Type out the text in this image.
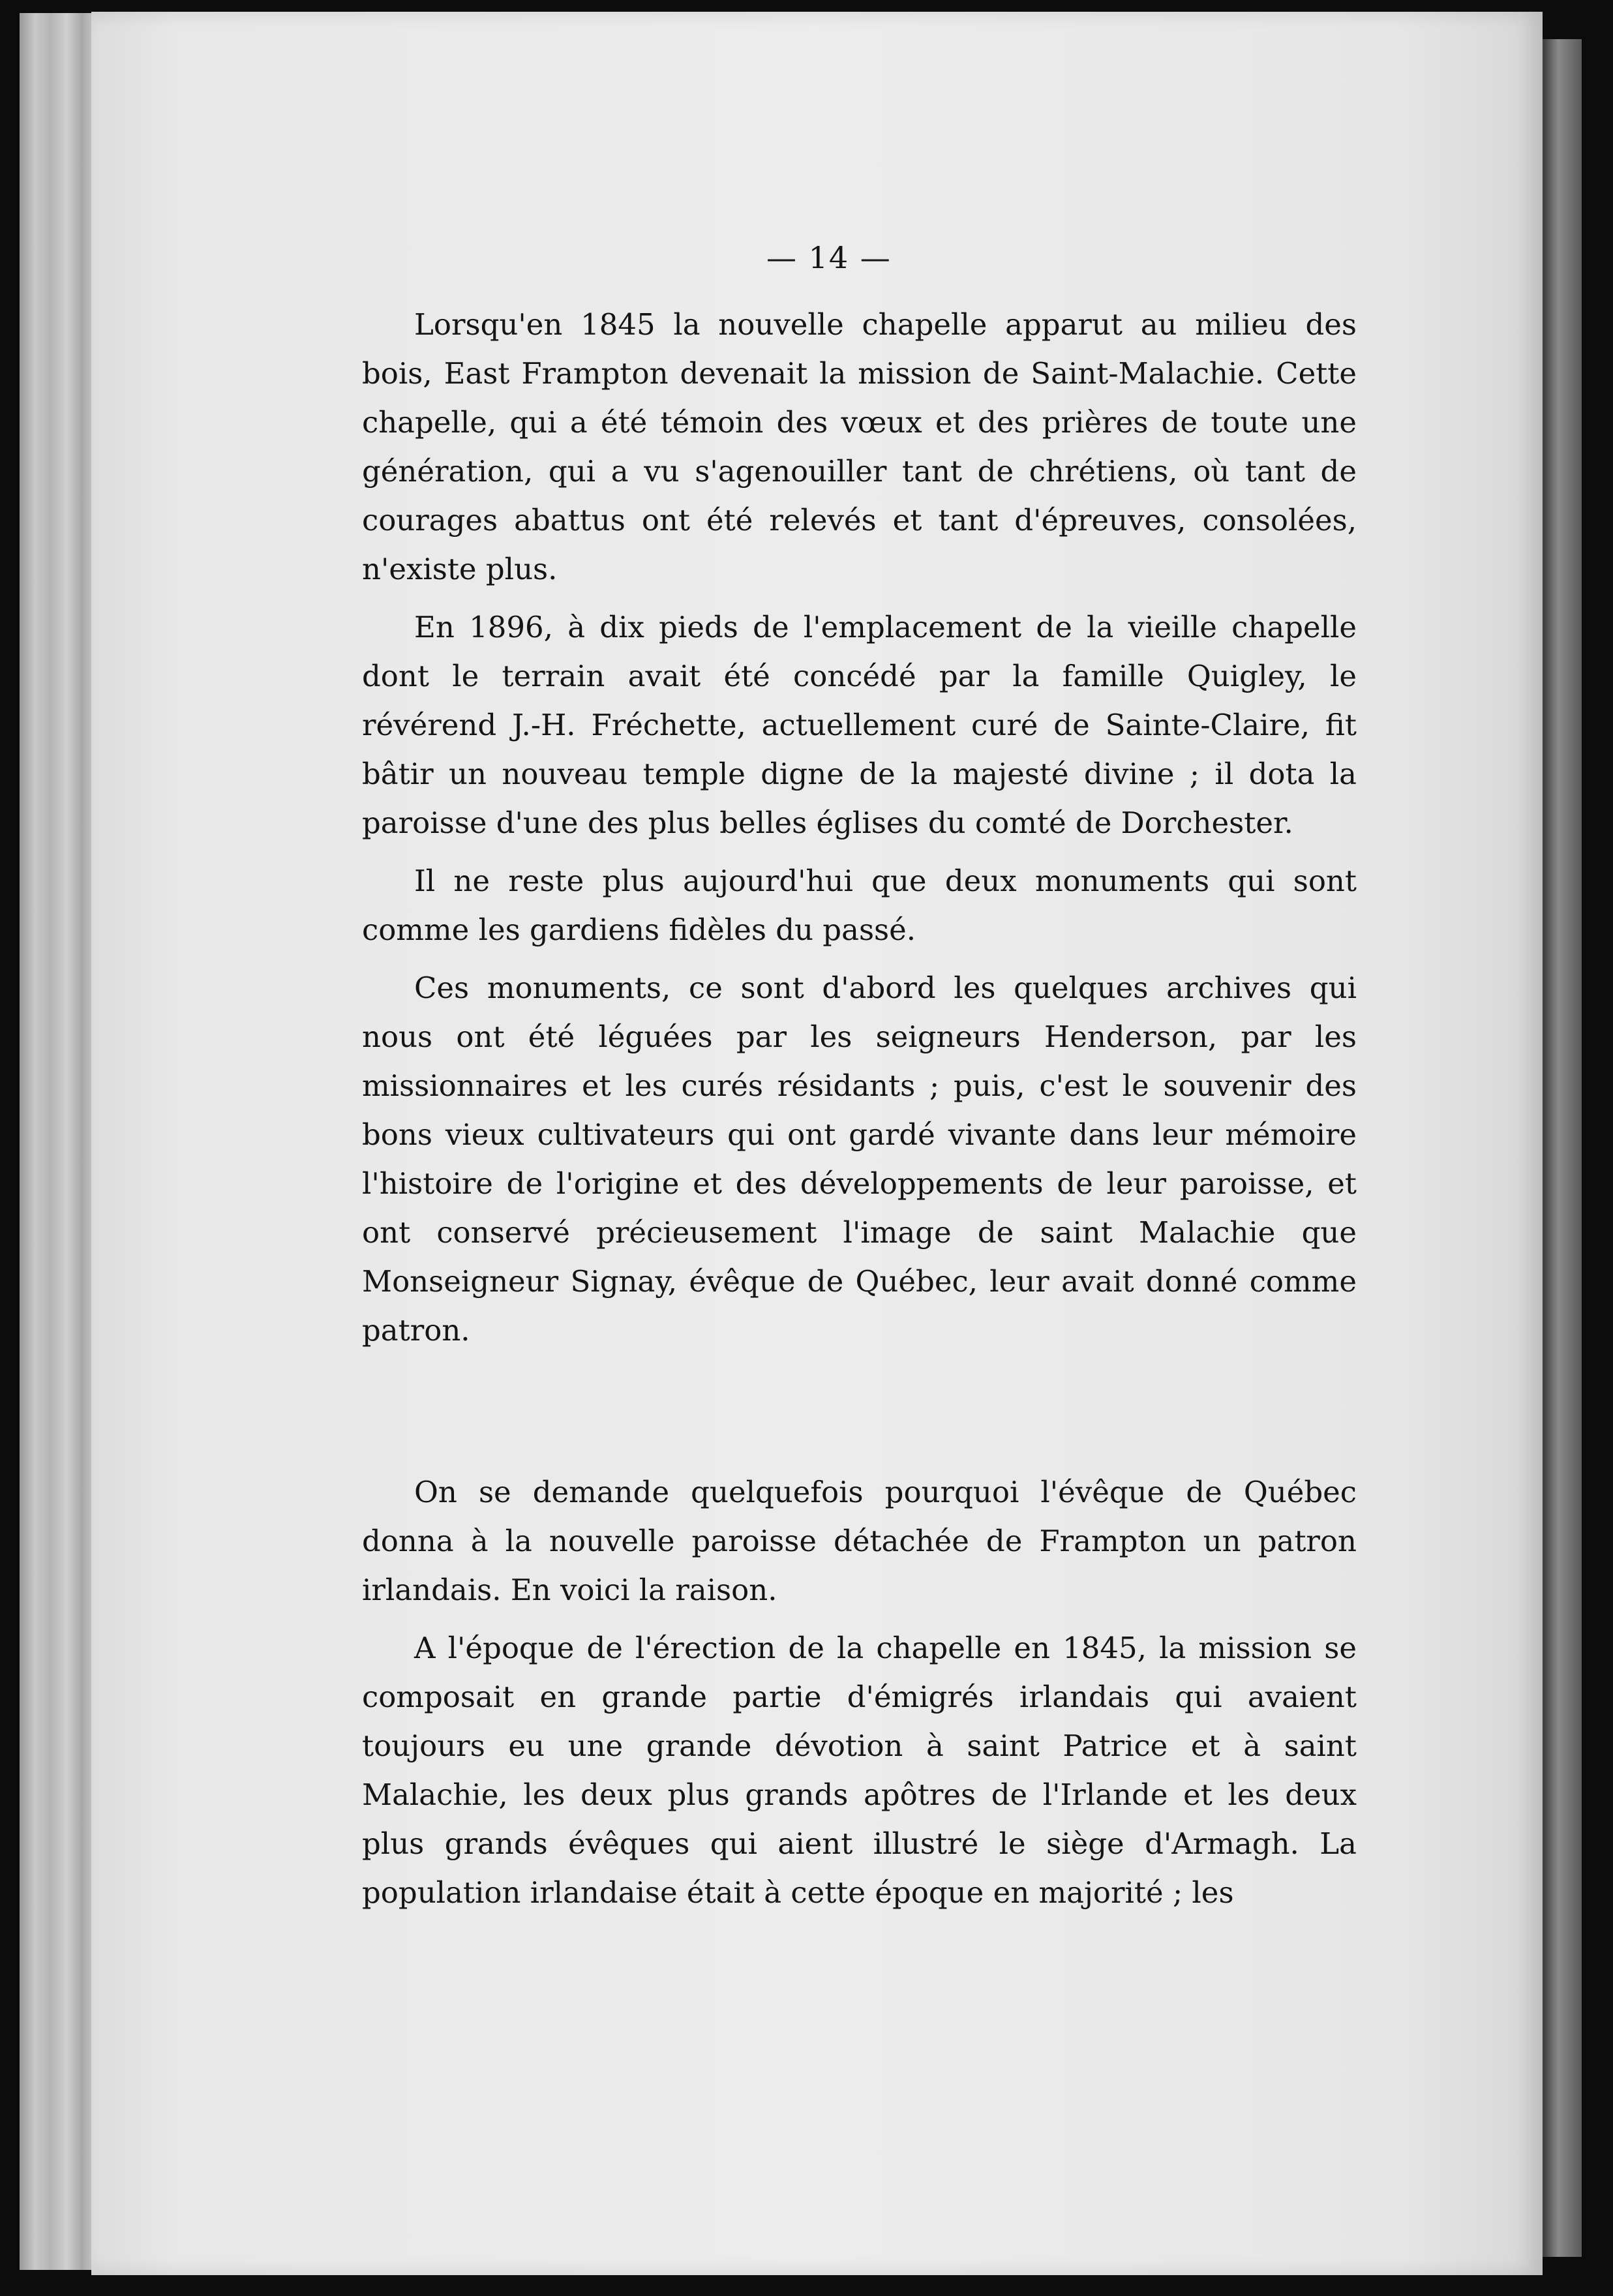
— 14 —

Lorsqu'en 1845 la nouvelle chapelle apparut au milieu des bois, East Frampton devenait la mission de Saint-Malachie. Cette chapelle, qui a été témoin des vœux et des prières de toute une génération, qui a vu s'agenouiller tant de chrétiens, où tant de courages abattus ont été relevés et tant d'épreuves, consolées, n'existe plus.

En 1896, à dix pieds de l'emplacement de la vieille chapelle dont le terrain avait été concédé par la famille Quigley, le révérend J.-H. Fréchette, actuellement curé de Sainte-Claire, fit bâtir un nouveau temple digne de la majesté divine ; il dota la paroisse d'une des plus belles églises du comté de Dorchester.

Il ne reste plus aujourd'hui que deux monuments qui sont comme les gardiens fidèles du passé.

Ces monuments, ce sont d'abord les quelques archives qui nous ont été léguées par les seigneurs Henderson, par les missionnaires et les curés résidants ; puis, c'est le souvenir des bons vieux cultivateurs qui ont gardé vivante dans leur mémoire l'histoire de l'origine et des développements de leur paroisse, et ont conservé précieusement l'image de saint Malachie que Monseigneur Signay, évêque de Québec, leur avait donné comme patron.

On se demande quelquefois pourquoi l'évêque de Québec donna à la nouvelle paroisse détachée de Frampton un patron irlandais. En voici la raison.

A l'époque de l'érection de la chapelle en 1845, la mission se composait en grande partie d'émigrés irlandais qui avaient toujours eu une grande dévotion à saint Patrice et à saint Malachie, les deux plus grands apôtres de l'Irlande et les deux plus grands évêques qui aient illustré le siège d'Armagh. La population irlandaise était à cette époque en majorité ; les
